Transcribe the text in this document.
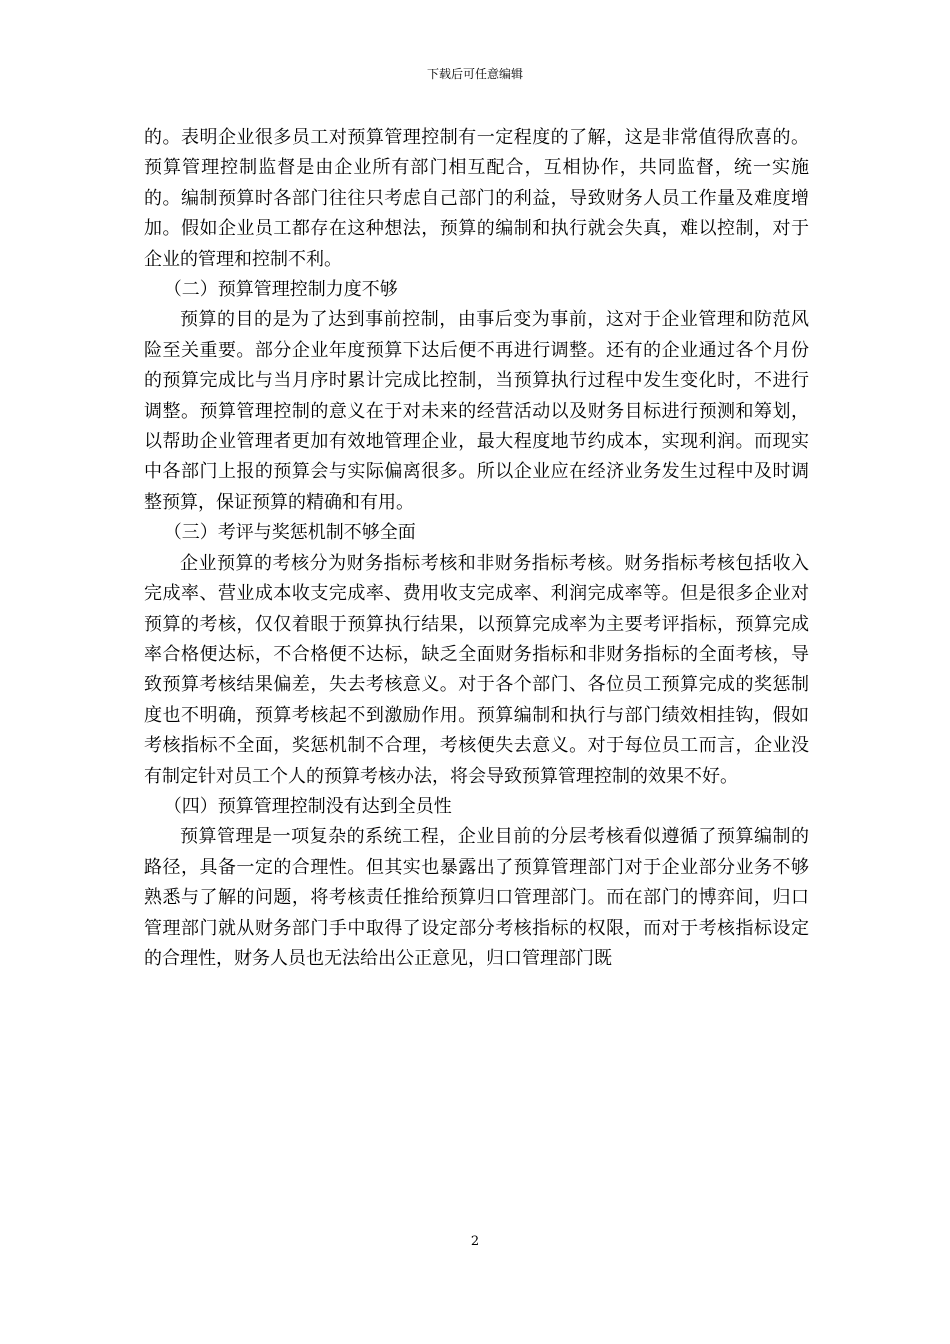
下载后可任意编辑

的。表明企业很多员工对预算管理控制有一定程度的了解，这是非常值得欣喜的。预算管理控制监督是由企业所有部门相互配合，互相协作，共同监督，统一实施的。编制预算时各部门往往只考虑自己部门的利益，导致财务人员工作量及难度增加。假如企业员工都存在这种想法，预算的编制和执行就会失真，难以控制，对于企业的管理和控制不利。

（二）预算管理控制力度不够

预算的目的是为了达到事前控制，由事后变为事前，这对于企业管理和防范风险至关重要。部分企业年度预算下达后便不再进行调整。还有的企业通过各个月份的预算完成比与当月序时累计完成比控制，当预算执行过程中发生变化时，不进行调整。预算管理控制的意义在于对未来的经营活动以及财务目标进行预测和筹划，以帮助企业管理者更加有效地管理企业，最大程度地节约成本，实现利润。而现实中各部门上报的预算会与实际偏离很多。所以企业应在经济业务发生过程中及时调整预算，保证预算的精确和有用。

（三）考评与奖惩机制不够全面

企业预算的考核分为财务指标考核和非财务指标考核。财务指标考核包括收入完成率、营业成本收支完成率、费用收支完成率、利润完成率等。但是很多企业对预算的考核，仅仅着眼于预算执行结果，以预算完成率为主要考评指标，预算完成率合格便达标，不合格便不达标，缺乏全面财务指标和非财务指标的全面考核，导致预算考核结果偏差，失去考核意义。对于各个部门、各位员工预算完成的奖惩制度也不明确，预算考核起不到激励作用。预算编制和执行与部门绩效相挂钩，假如考核指标不全面，奖惩机制不合理，考核便失去意义。对于每位员工而言，企业没有制定针对员工个人的预算考核办法，将会导致预算管理控制的效果不好。

（四）预算管理控制没有达到全员性

预算管理是一项复杂的系统工程，企业目前的分层考核看似遵循了预算编制的路径，具备一定的合理性。但其实也暴露出了预算管理部门对于企业部分业务不够熟悉与了解的问题，将考核责任推给预算归口管理部门。而在部门的博弈间，归口管理部门就从财务部门手中取得了设定部分考核指标的权限，而对于考核指标设定的合理性，财务人员也无法给出公正意见，归口管理部门既

2
